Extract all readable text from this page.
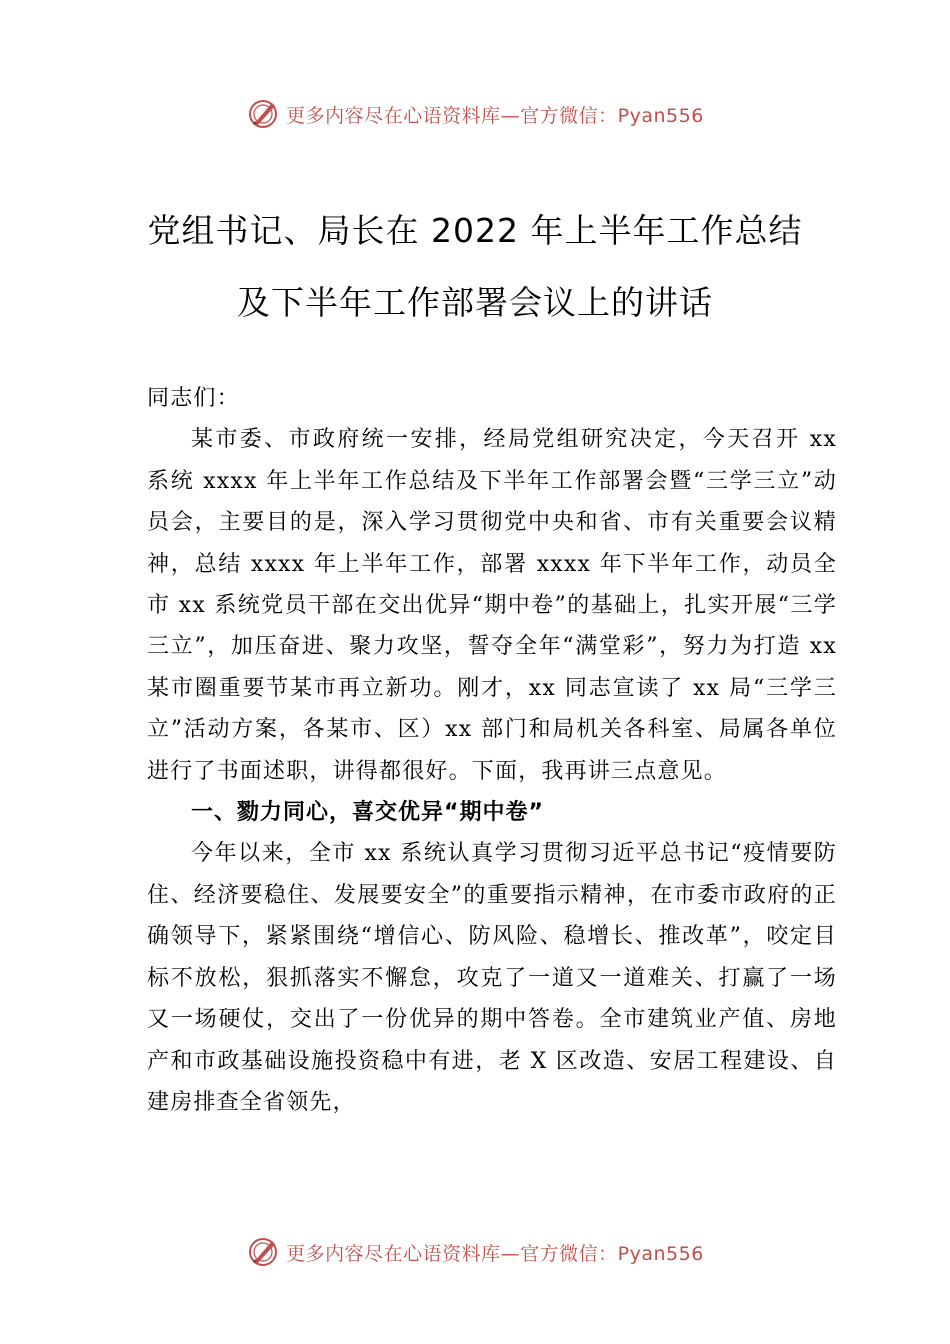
更多内容尽在心语资料库—官方微信：Pyan556
党组书记、局长在 2022 年上半年工作总结
及下半年工作部署会议上的讲话

同志们：

某市委、市政府统一安排，经局党组研究决定，今天召开 xx 系统 xxxx 年上半年工作总结及下半年工作部署会暨“三学三立”动员会，主要目的是，深入学习贯彻党中央和省、市有关重要会议精神，总结 xxxx 年上半年工作，部署 xxxx 年下半年工作，动员全市 xx 系统党员干部在交出优异“期中卷”的基础上，扎实开展“三学三立”，加压奋进、聚力攻坚，誓夺全年“满堂彩”，努力为打造 xx 某市圈重要节某市再立新功。刚才，xx 同志宣读了 xx 局“三学三立”活动方案，各某市、区）xx 部门和局机关各科室、局属各单位进行了书面述职，讲得都很好。下面，我再讲三点意见。

一、勠力同心，喜交优异“期中卷”

今年以来，全市 xx 系统认真学习贯彻习近平总书记“疫情要防住、经济要稳住、发展要安全”的重要指示精神，在市委市政府的正确领导下，紧紧围绕“增信心、防风险、稳增长、推改革”，咬定目标不放松，狠抓落实不懈怠，攻克了一道又一道难关、打赢了一场又一场硬仗，交出了一份优异的期中答卷。全市建筑业产值、房地产和市政基础设施投资稳中有进，老 X 区改造、安居工程建设、自建房排查全省领先，

更多内容尽在心语资料库—官方微信：Pyan556
